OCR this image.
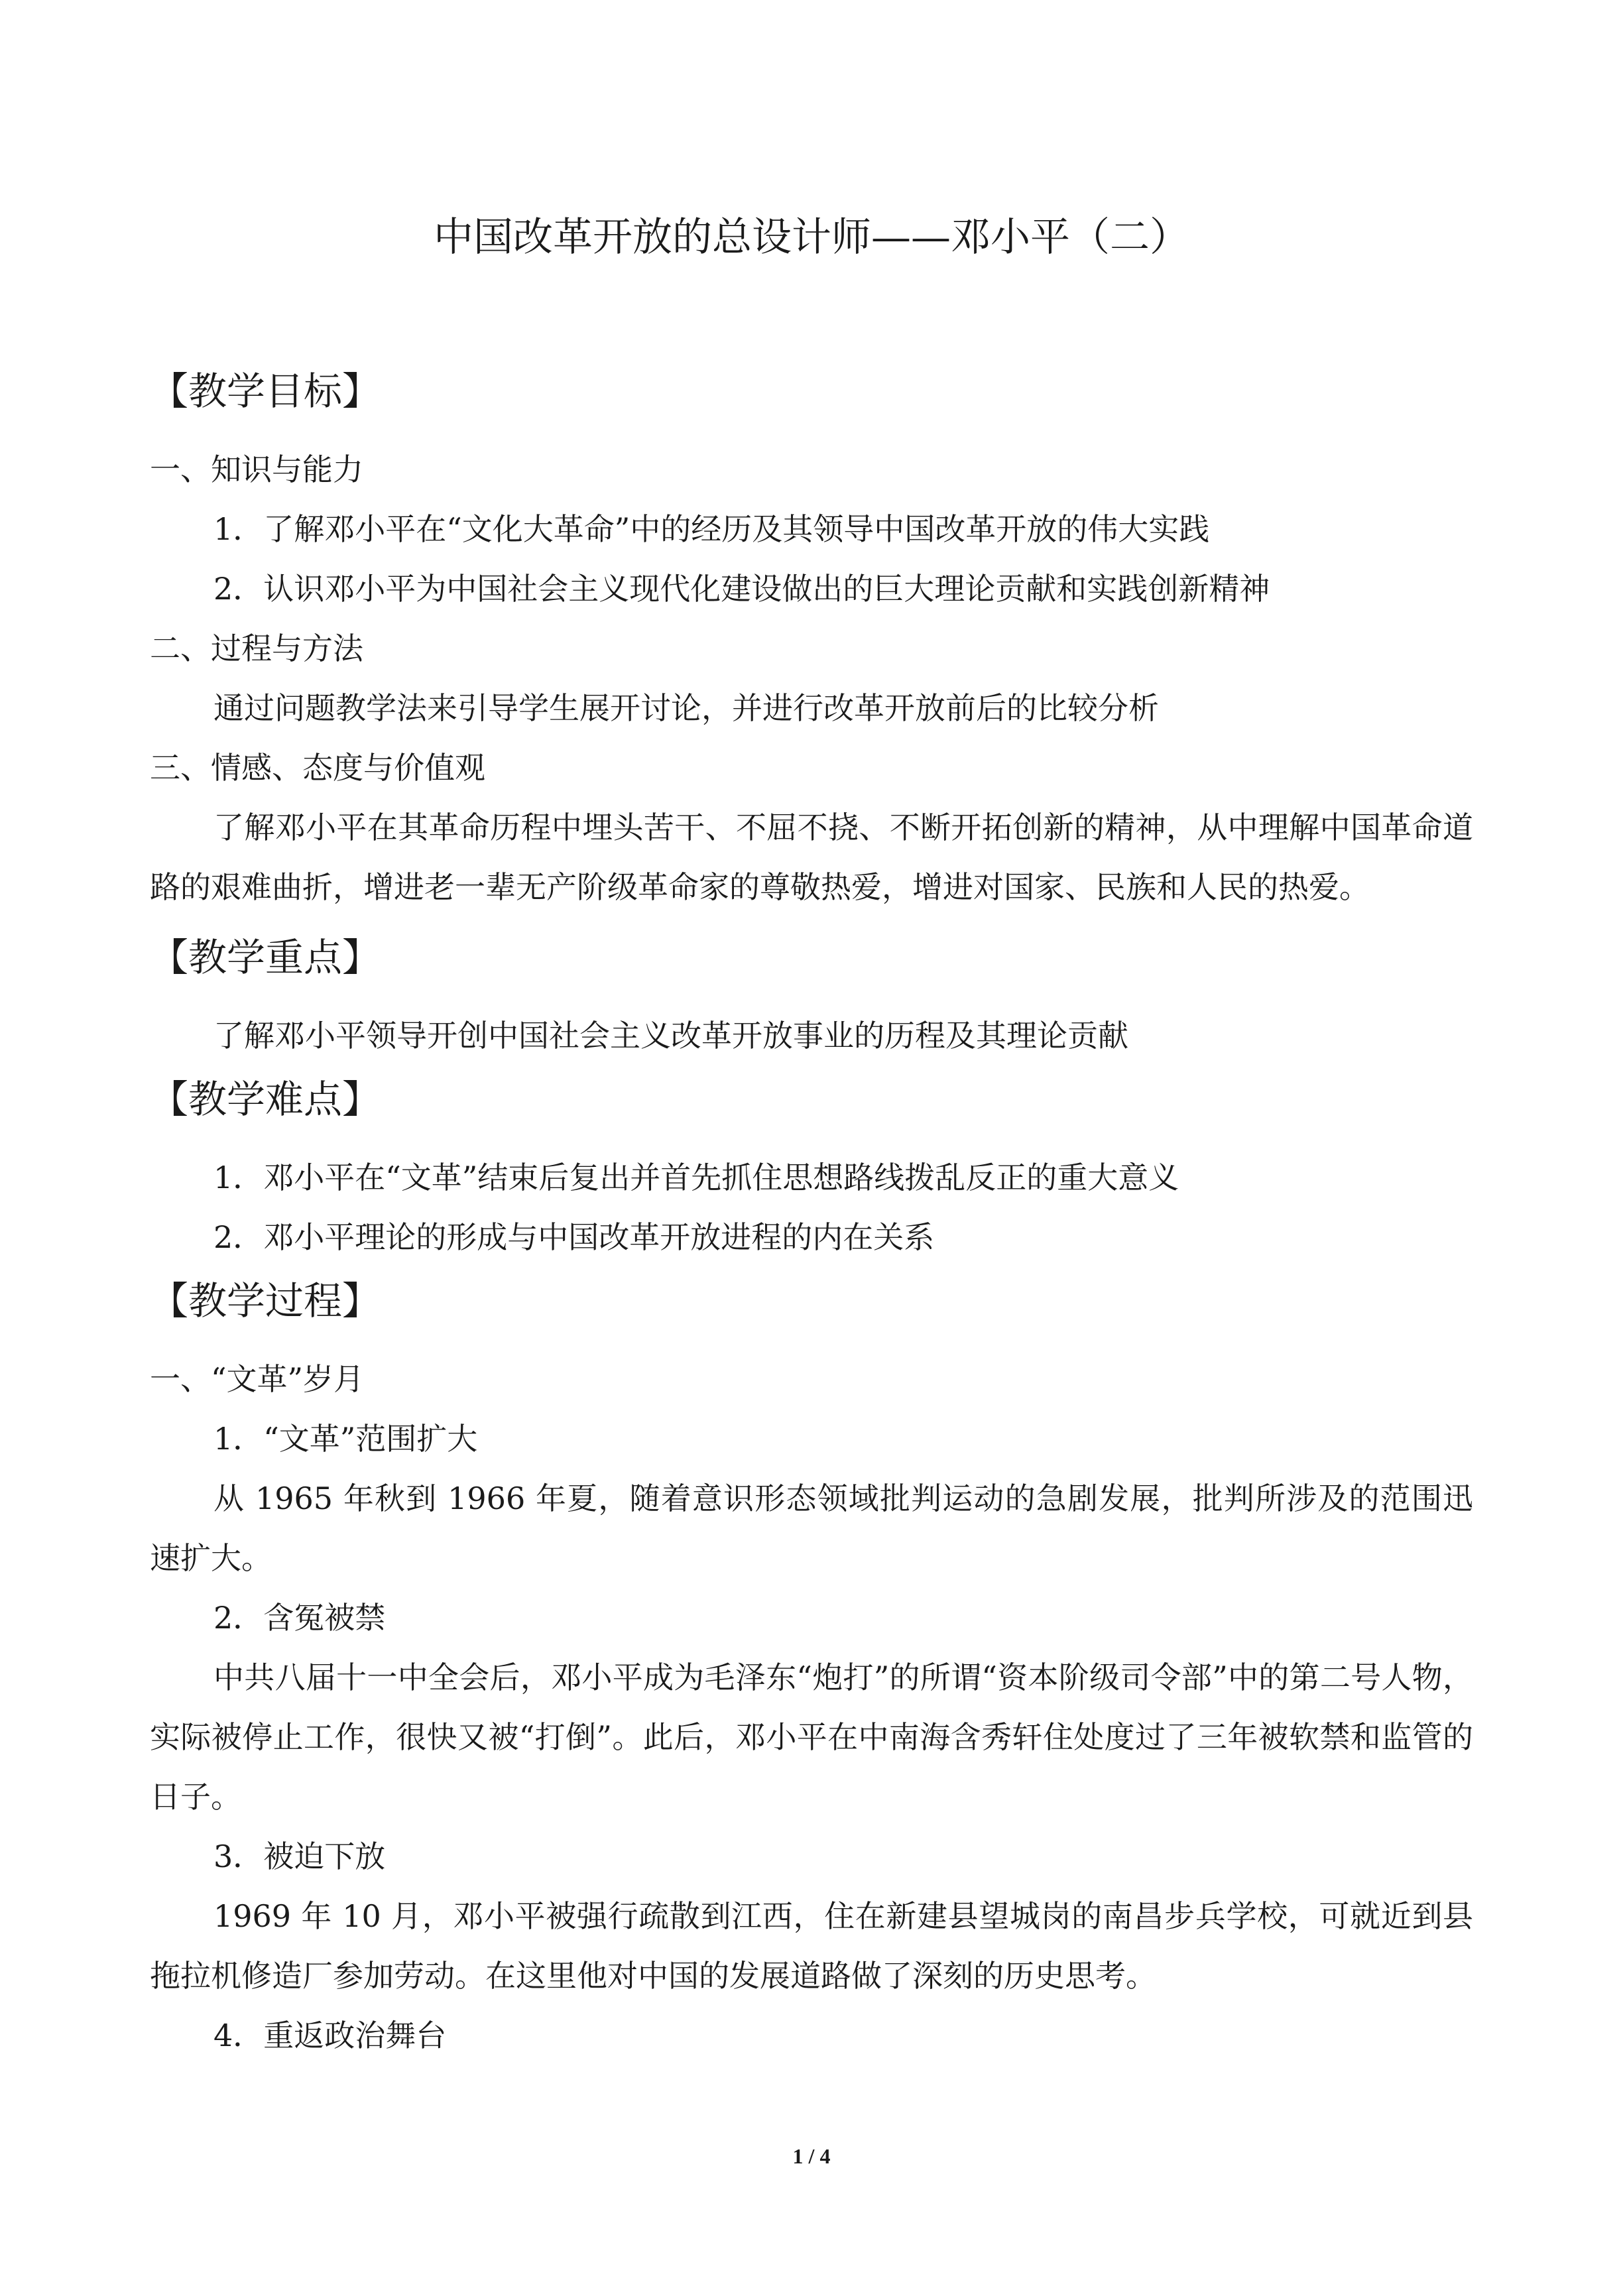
中国改革开放的总设计师——邓小平（二）
【教学目标】
一、知识与能力
1．了解邓小平在“文化大革命”中的经历及其领导中国改革开放的伟大实践
2．认识邓小平为中国社会主义现代化建设做出的巨大理论贡献和实践创新精神
二、过程与方法
通过问题教学法来引导学生展开讨论，并进行改革开放前后的比较分析
三、情感、态度与价值观
了解邓小平在其革命历程中埋头苦干、不屈不挠、不断开拓创新的精神，从中理解中国革命道路的艰难曲折，增进老一辈无产阶级革命家的尊敬热爱，增进对国家、民族和人民的热爱。
【教学重点】
了解邓小平领导开创中国社会主义改革开放事业的历程及其理论贡献
【教学难点】
1．邓小平在“文革”结束后复出并首先抓住思想路线拨乱反正的重大意义
2．邓小平理论的形成与中国改革开放进程的内在关系
【教学过程】
一、“文革”岁月
1．“文革”范围扩大
从 1965 年秋到 1966 年夏，随着意识形态领域批判运动的急剧发展，批判所涉及的范围迅速扩大。
2．含冤被禁
中共八届十一中全会后，邓小平成为毛泽东“炮打”的所谓“资本阶级司令部”中的第二号人物，实际被停止工作，很快又被“打倒”。此后，邓小平在中南海含秀轩住处度过了三年被软禁和监管的日子。
3．被迫下放
1969 年 10 月，邓小平被强行疏散到江西，住在新建县望城岗的南昌步兵学校，可就近到县拖拉机修造厂参加劳动。在这里他对中国的发展道路做了深刻的历史思考。
4．重返政治舞台
1 / 4
